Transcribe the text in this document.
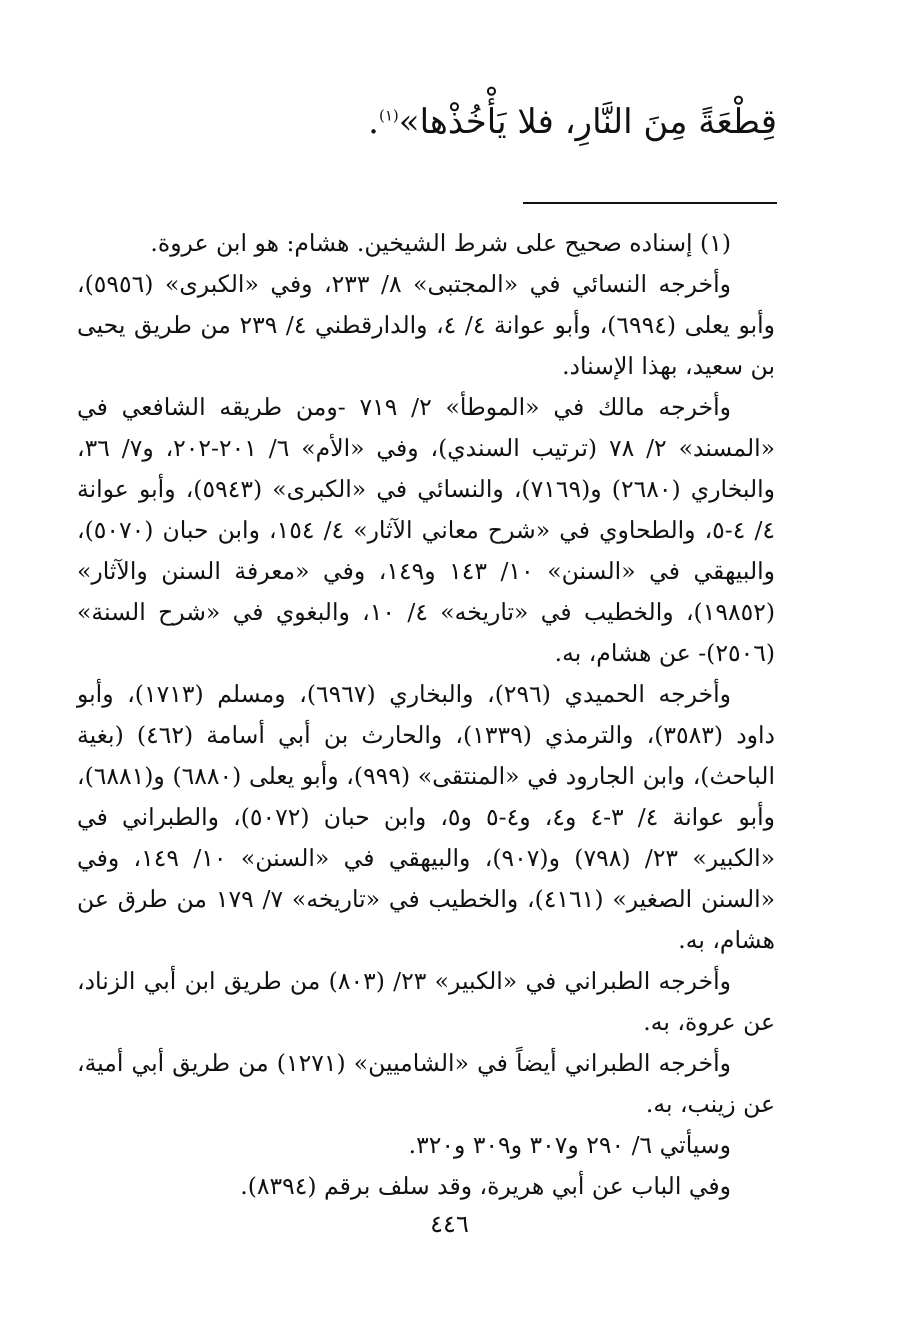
قِطْعَةً مِنَ النَّارِ، فلا يَأْخُذْها»$^{(١)}$.

(١) إسناده صحيح على شرط الشيخين. هشام: هو ابن عروة.

وأخرجه النسائي في «المجتبى» ٨/ ٢٣٣، وفي «الكبرى» (٥٩٥٦)، وأبو يعلى (٦٩٩٤)، وأبو عوانة ٤/ ٤، والدارقطني ٤/ ٢٣٩ من طريق يحيى بن سعيد، بهذا الإسناد.

وأخرجه مالك في «الموطأ» ٢/ ٧١٩ -ومن طريقه الشافعي في «المسند» ٢/ ٧٨ (ترتيب السندي)، وفي «الأم» ٦/ ٢٠١-٢٠٢، و٧/ ٣٦، والبخاري (٢٦٨٠) و(٧١٦٩)، والنسائي في «الكبرى» (٥٩٤٣)، وأبو عوانة ٤/ ٤-٥، والطحاوي في «شرح معاني الآثار» ٤/ ١٥٤، وابن حبان (٥٠٧٠)، والبيهقي في «السنن» ١٠/ ١٤٣ و١٤٩، وفي «معرفة السنن والآثار» (١٩٨٥٢)، والخطيب في «تاريخه» ٤/ ١٠، والبغوي في «شرح السنة» (٢٥٠٦)- عن هشام، به.

وأخرجه الحميدي (٢٩٦)، والبخاري (٦٩٦٧)، ومسلم (١٧١٣)، وأبو داود (٣٥٨٣)، والترمذي (١٣٣٩)، والحارث بن أبي أسامة (٤٦٢) (بغية الباحث)، وابن الجارود في «المنتقى» (٩٩٩)، وأبو يعلى (٦٨٨٠) و(٦٨٨١)، وأبو عوانة ٤/ ٣-٤ و٤، و٤-٥ و٥، وابن حبان (٥٠٧٢)، والطبراني في «الكبير» ٢٣/ (٧٩٨) و(٩٠٧)، والبيهقي في «السنن» ١٠/ ١٤٩، وفي «السنن الصغير» (٤١٦١)، والخطيب في «تاريخه» ٧/ ١٧٩ من طرق عن هشام، به.

وأخرجه الطبراني في «الكبير» ٢٣/ (٨٠٣) من طريق ابن أبي الزناد، عن عروة، به.

وأخرجه الطبراني أيضاً في «الشاميين» (١٢٧١) من طريق أبي أمية، عن زينب، به.

وسيأتي ٦/ ٢٩٠ و٣٠٧ و٣٠٩ و٣٢٠.

وفي الباب عن أبي هريرة، وقد سلف برقم (٨٣٩٤).

٤٤٦
